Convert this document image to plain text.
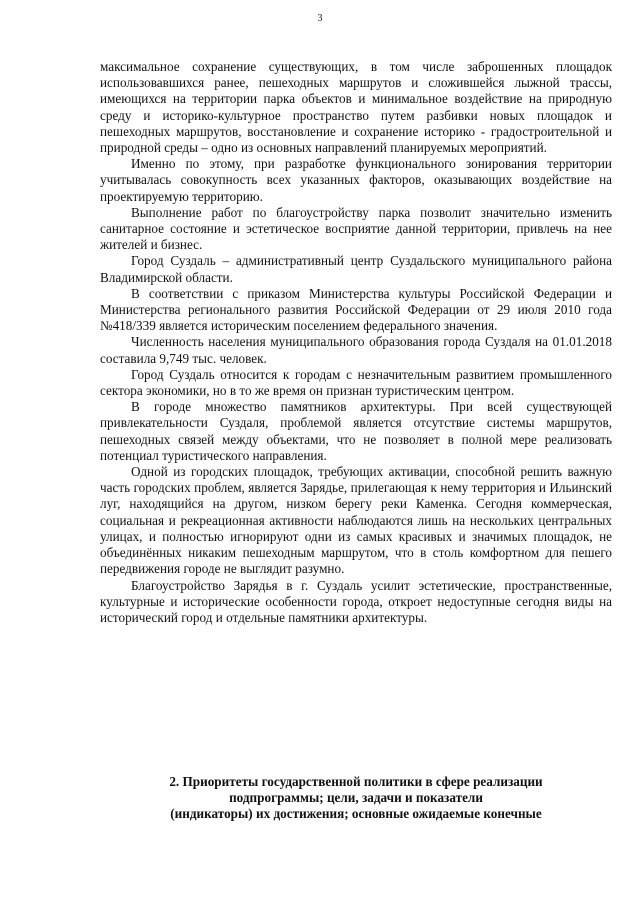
3

максимальное сохранение существующих, в том числе заброшенных площадок использовавшихся ранее, пешеходных маршрутов и сложившейся лыжной трассы, имеющихся на территории парка объектов и минимальное воздействие на природную среду и историко-культурное пространство путем разбивки новых площадок и пешеходных маршрутов, восстановление и сохранение историко - градостроительной и природной среды – одно из основных направлений планируемых мероприятий.

Именно по этому, при разработке функционального зонирования территории учитывалась совокупность всех указанных факторов, оказывающих воздействие на проектируемую территорию.

Выполнение работ по благоустройству парка позволит значительно изменить санитарное состояние и эстетическое восприятие данной территории, привлечь на нее жителей и бизнес.

Город Суздаль – административный центр Суздальского муниципального района Владимирской области.

В соответствии с приказом Министерства культуры Российской Федерации и Министерства регионального развития Российской Федерации от 29 июля 2010 года №418/339 является историческим поселением федерального значения.

Численность населения муниципального образования города Суздаля на 01.01.2018 составила 9,749 тыс. человек.

Город Суздаль относится к городам с незначительным развитием промышленного сектора экономики, но в то же время он признан туристическим центром.

В городе множество памятников архитектуры. При всей существующей привлекательности Суздаля, проблемой является отсутствие системы маршрутов, пешеходных связей между объектами, что не позволяет в полной мере реализовать потенциал туристического направления.

Одной из городских площадок, требующих активации, способной решить важную часть городских проблем, является Зарядье, прилегающая к нему территория и Ильинский луг, находящийся на другом, низком берегу реки Каменка. Сегодня коммерческая, социальная и рекреационная активности наблюдаются лишь на нескольких центральных улицах, и полностью игнорируют одни из самых красивых и значимых площадок, не объединённых никаким пешеходным маршрутом, что в столь комфортном для пешего передвижения городе не выглядит разумно.

Благоустройство Зарядья в г. Суздаль усилит эстетические, пространственные, культурные и исторические особенности города, откроет недоступные сегодня виды на исторический город и отдельные памятники архитектуры.

2. Приоритеты государственной политики в сфере реализации
подпрограммы; цели, задачи и показатели
(индикаторы) их достижения; основные ожидаемые конечные
